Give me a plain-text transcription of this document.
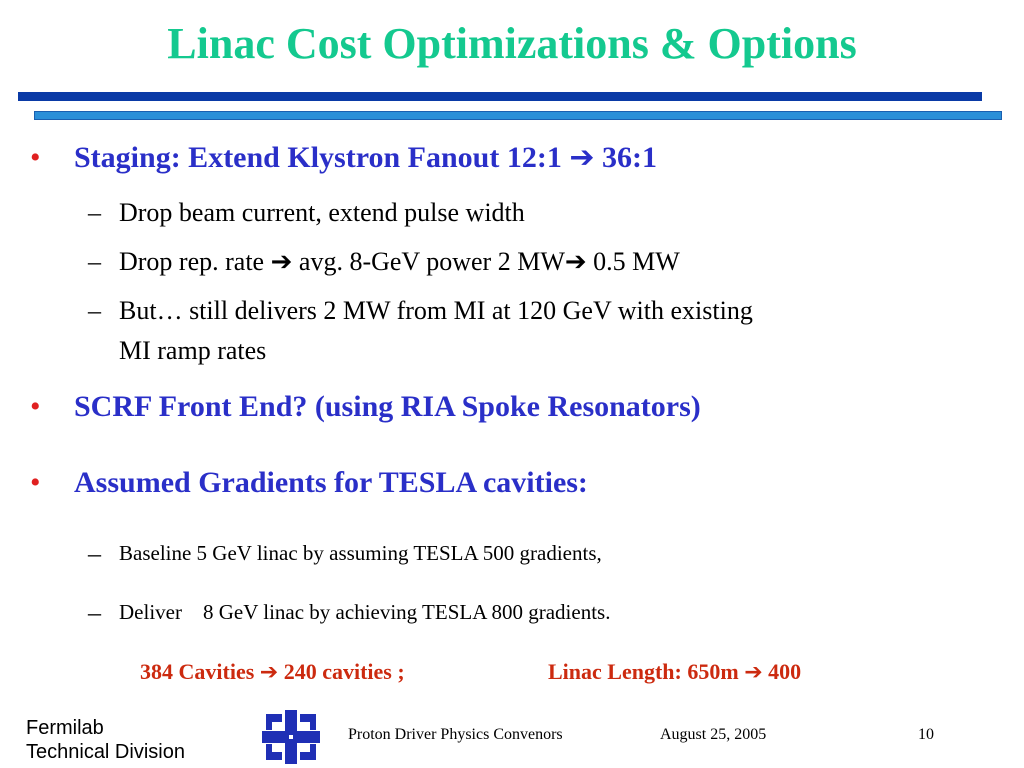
Linac Cost Optimizations & Options
• Staging: Extend Klystron Fanout 12:1 ➔ 36:1
– Drop beam current, extend pulse width
– Drop rep. rate ➔ avg. 8-GeV power 2 MW➔ 0.5 MW
– But… still delivers 2 MW from MI at 120 GeV with existing
MI ramp rates
• SCRF Front End? (using RIA Spoke Resonators)
• Assumed Gradients for TESLA cavities:
– Baseline 5 GeV linac by assuming TESLA 500 gradients,
– Deliver    8 GeV linac by achieving TESLA 800 gradients.
384 Cavities ➔ 240 cavities ;	Linac Length: 650m ➔ 400
Fermilab
Technical Division
Proton Driver Physics Convenors	August 25, 2005	10
